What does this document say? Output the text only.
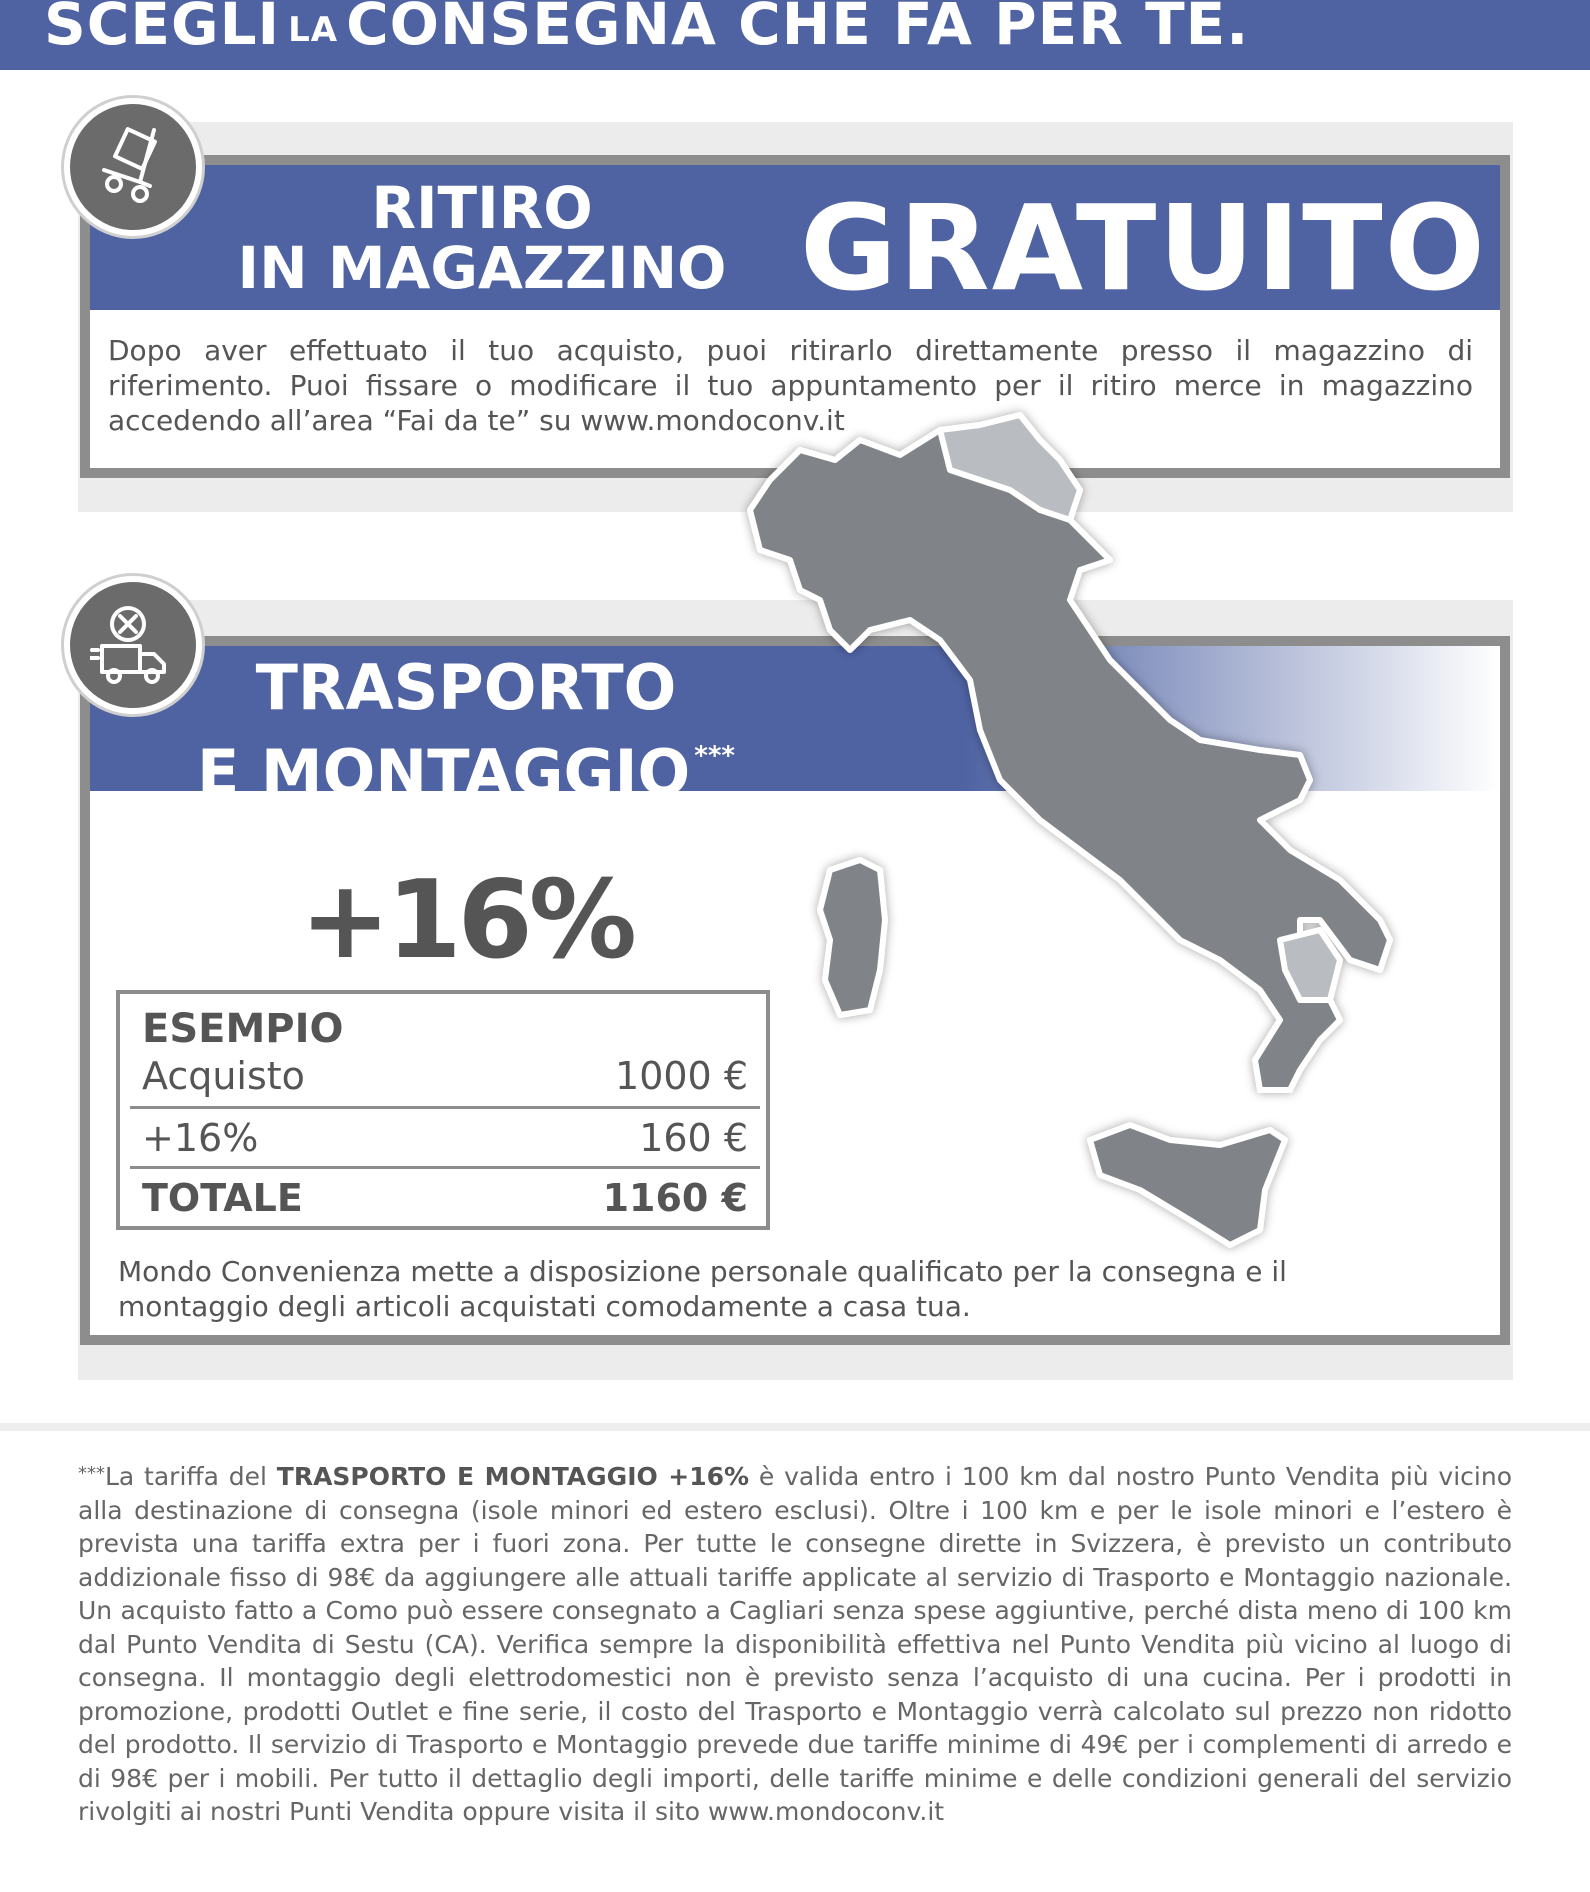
SCEGLI LA CONSEGNA CHE FA PER TE.
RITIRO
IN MAGAZZINO GRATUITO

Dopo aver effettuato il tuo acquisto, puoi ritirarlo direttamente presso il magazzino di riferimento. Puoi fissare o modificare il tuo appuntamento per il ritiro merce in magazzino accedendo all’area “Fai da te” su www.mondoconv.it

TRASPORTO
E MONTAGGIO ***
+16%
ESEMPIO
Acquisto	1000 €
+16%	160 €
TOTALE	1160 €

Mondo Convenienza mette a disposizione personale qualificato per la consegna e il montaggio degli articoli acquistati comodamente a casa tua.

***La tariffa del TRASPORTO E MONTAGGIO +16% è valida entro i 100 km dal nostro Punto Vendita più vicino alla destinazione di consegna (isole minori ed estero esclusi). Oltre i 100 km e per le isole minori e l’estero è prevista una tariffa extra per i fuori zona. Per tutte le consegne dirette in Svizzera, è previsto un contributo addizionale fisso di 98€ da aggiungere alle attuali tariffe applicate al servizio di Trasporto e Montaggio nazionale. Un acquisto fatto a Como può essere consegnato a Cagliari senza spese aggiuntive, perché dista meno di 100 km dal Punto Vendita di Sestu (CA). Verifica sempre la disponibilità effettiva nel Punto Vendita più vicino al luogo di consegna. Il montaggio degli elettrodomestici non è previsto senza l’acquisto di una cucina. Per i prodotti in promozione, prodotti Outlet e fine serie, il costo del Trasporto e Montaggio verrà calcolato sul prezzo non ridotto del prodotto. Il servizio di Trasporto e Montaggio prevede due tariffe minime di 49€ per i complementi di arredo e di 98€ per i mobili. Per tutto il dettaglio degli importi, delle tariffe minime e delle condizioni generali del servizio rivolgiti ai nostri Punti Vendita oppure visita il sito www.mondoconv.it
